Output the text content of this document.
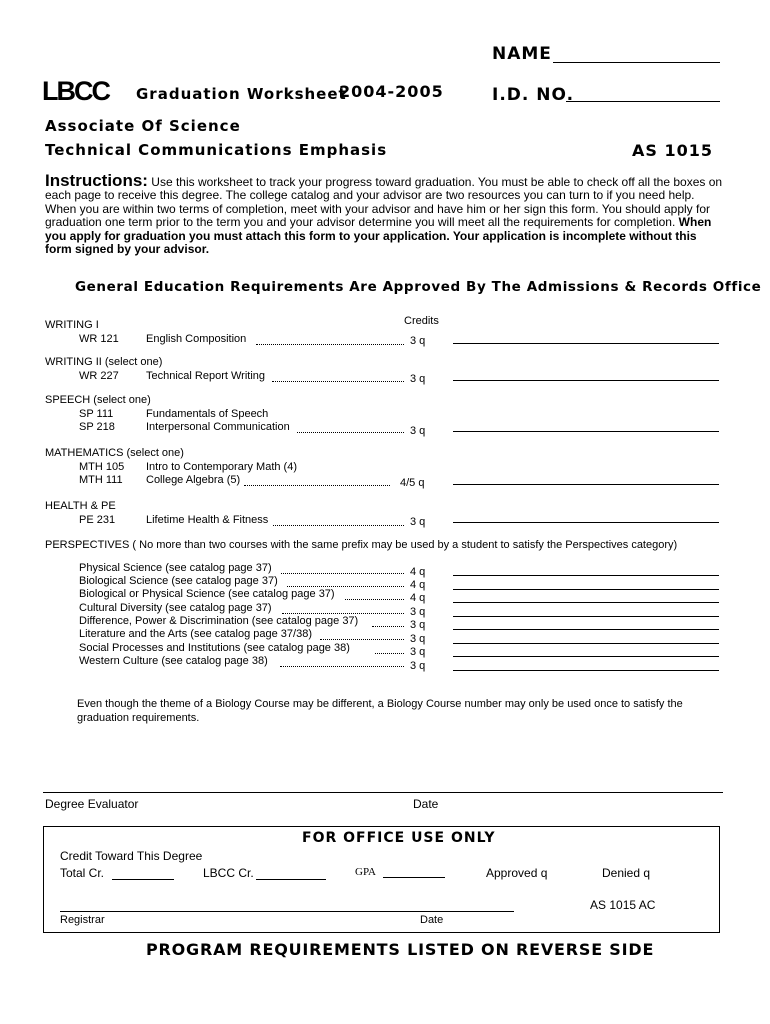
NAME
LBCC Graduation Worksheet
2004-2005	I.D. NO.
Associate Of Science
Technical Communications Emphasis	AS 1015
Instructions: Use this worksheet to track your progress toward graduation. You must be able to check off all the boxes on each page to receive this degree. The college catalog and your advisor are two resources you can turn to if you need help. When you are within two terms of completion, meet with your advisor and have him or her sign this form. You should apply for graduation one term prior to the term you and your advisor determine you will meet all the requirements for completion. When you apply for graduation you must attach this form to your application. Your application is incomplete without this form signed by your advisor.
General Education Requirements Are Approved By The Admissions & Records Office
Credits
WRITING I
WR 121 English Composition	3 q
WRITING II (select one)
WR 227 Technical Report Writing	3 q
SPEECH (select one)
SP 111	Fundamentals of Speech
SP 218	Interpersonal Communication	3 q
MATHEMATICS (select one)
MTH 105 Intro to Contemporary Math (4)
MTH 111 College Algebra (5)	4/5 q
HEALTH & PE
PE 231	Lifetime Health & Fitness	3 q
PERSPECTIVES ( No more than two courses with the same prefix may be used by a student to satisfy the Perspectives category)
Physical Science (see catalog page 37)	4 q
Biological Science (see catalog page 37)	4 q
Biological or Physical Science (see catalog page 37)	4 q
Cultural Diversity (see catalog page 37)	3 q
Difference, Power & Discrimination (see catalog page 37)	3 q
Literature and the Arts (see catalog page 37/38)	3 q
Social Processes and Institutions (see catalog page 38)	3 q
Western Culture (see catalog page 38)	3 q
Even though the theme of a Biology Course may be different, a Biology Course number may only be used once to satisfy the graduation requirements.
Degree Evaluator	Date
FOR OFFICE USE ONLY
Credit Toward This Degree
Total Cr.	LBCC Cr.	GPA	Approved q	Denied q
AS 1015 AC
Registrar	Date
PROGRAM REQUIREMENTS LISTED ON REVERSE SIDE
